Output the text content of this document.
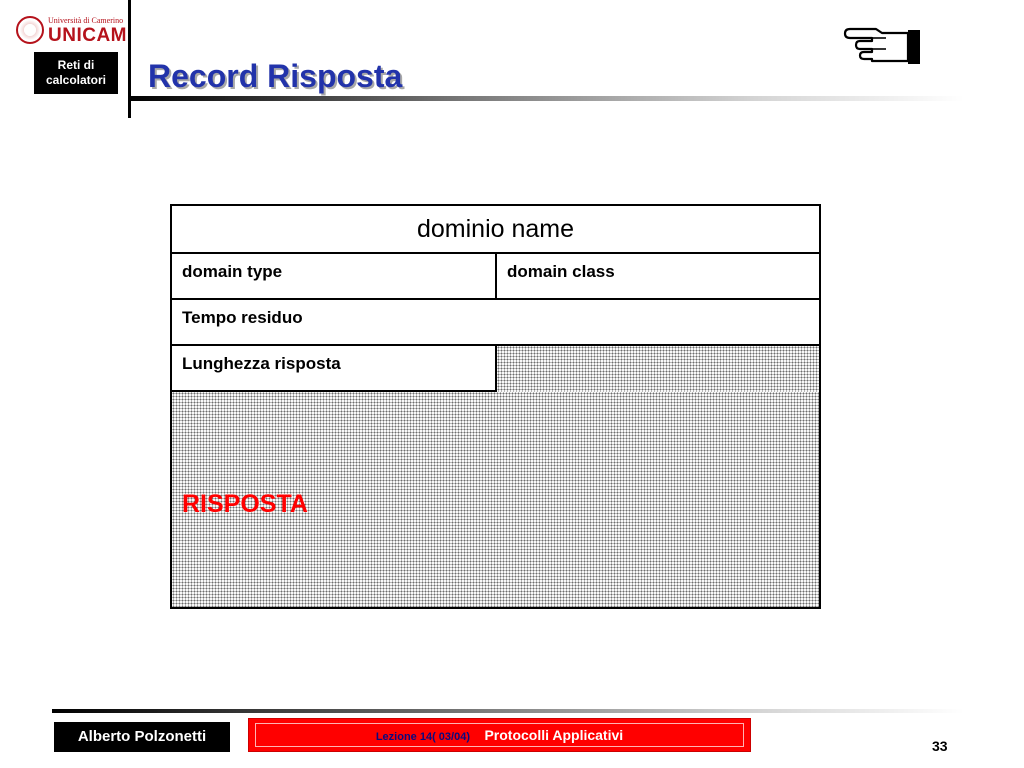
Università di Camerino
UNICAM
Reti di
calcolatori	Record Risposta
dominio name
domain type	domain class
Tempo residuo
Lunghezza risposta
RISPOSTA
Alberto Polzonetti	Lezione 14( 03/04) Protocolli Applicativi
33
